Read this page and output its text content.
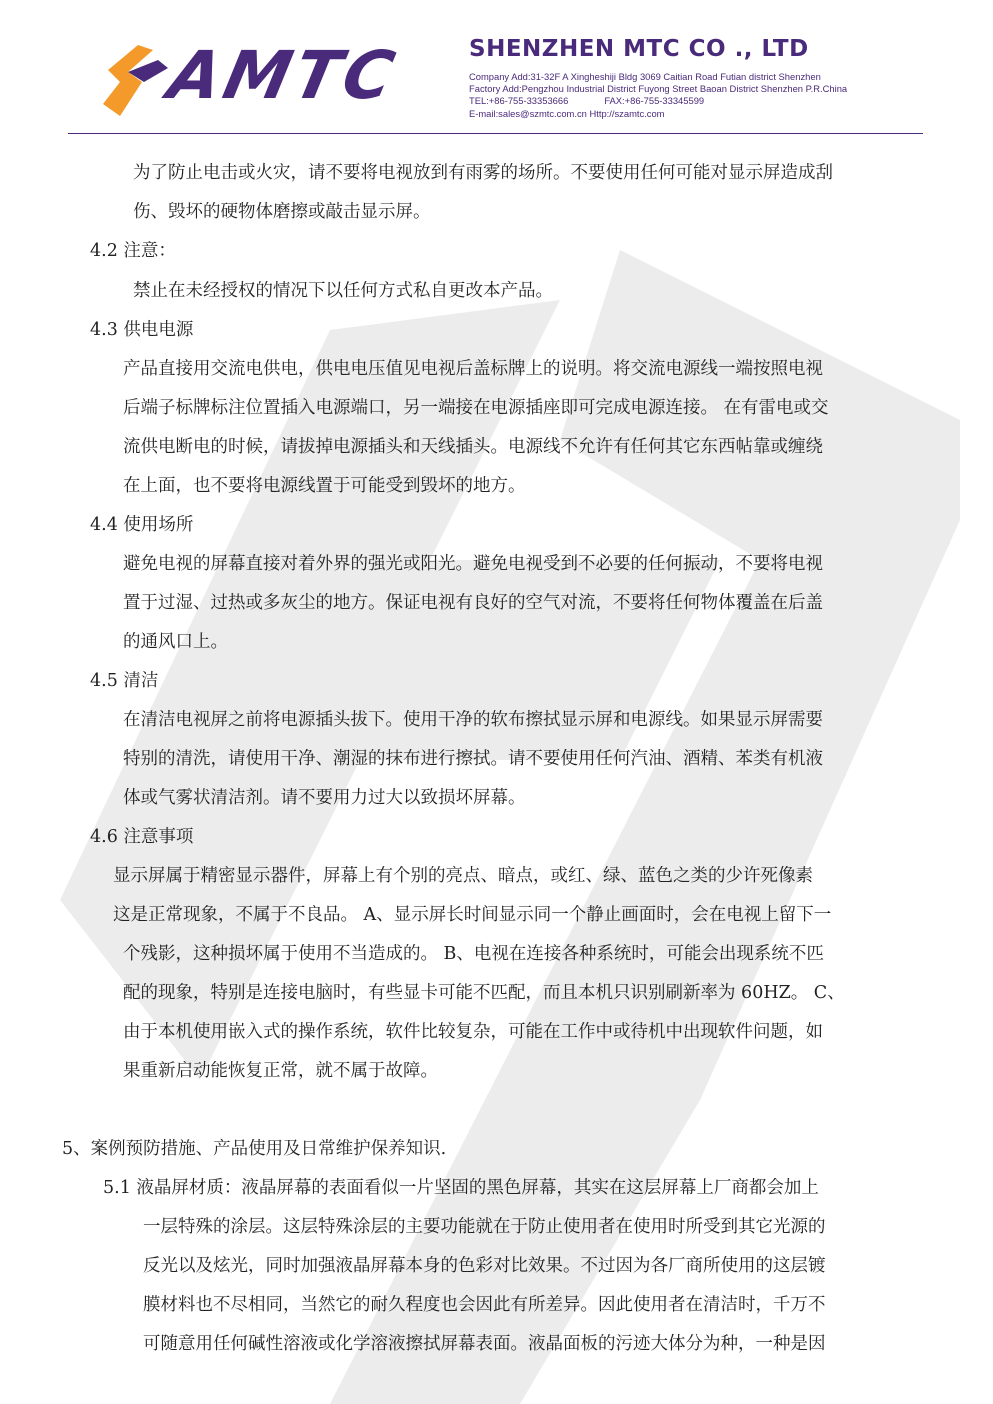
AMTC	SHENZHEN MTC CO ., LTD
Company Add:31-32F A Xingheshiji Bldg 3069 Caitian Road Futian district Shenzhen
Factory Add:Pengzhou Industrial District Fuyong Street Baoan District Shenzhen P.R.China
TEL:+86-755-33353666	FAX:+86-755-33345599
E-mail:sales@szmtc.com.cn Http://szamtc.com
为了防止电击或火灾，请不要将电视放到有雨雾的场所。不要使用任何可能对显示屏造成刮
伤、毁坏的硬物体磨擦或敲击显示屏。
4.2 注意：
禁止在未经授权的情况下以任何方式私自更改本产品。
4.3 供电电源
产品直接用交流电供电，供电电压值见电视后盖标牌上的说明。将交流电源线一端按照电视
后端子标牌标注位置插入电源端口，另一端接在电源插座即可完成电源连接。 在有雷电或交
流供电断电的时候，请拔掉电源插头和天线插头。电源线不允许有任何其它东西帖靠或缠绕
在上面，也不要将电源线置于可能受到毁坏的地方。
4.4 使用场所
避免电视的屏幕直接对着外界的强光或阳光。避免电视受到不必要的任何振动，不要将电视
置于过湿、过热或多灰尘的地方。保证电视有良好的空气对流，不要将任何物体覆盖在后盖
的通风口上。
4.5 清洁
在清洁电视屏之前将电源插头拔下。使用干净的软布擦拭显示屏和电源线。如果显示屏需要
特别的清洗，请使用干净、潮湿的抹布进行擦拭。请不要使用任何汽油、酒精、苯类有机液
体或气雾状清洁剂。请不要用力过大以致损坏屏幕。
4.6 注意事项
显示屏属于精密显示器件，屏幕上有个别的亮点、暗点，或红、绿、蓝色之类的少许死像素
这是正常现象，不属于不良品。 A、显示屏长时间显示同一个静止画面时，会在电视上留下一
个残影，这种损坏属于使用不当造成的。 B、电视在连接各种系统时，可能会出现系统不匹
配的现象，特别是连接电脑时，有些显卡可能不匹配，而且本机只识别刷新率为 60HZ。 C、
由于本机使用嵌入式的操作系统，软件比较复杂，可能在工作中或待机中出现软件问题，如
果重新启动能恢复正常，就不属于故障。
5、案例预防措施、产品使用及日常维护保养知识.
5.1 液晶屏材质：液晶屏幕的表面看似一片坚固的黑色屏幕，其实在这层屏幕上厂商都会加上
一层特殊的涂层。这层特殊涂层的主要功能就在于防止使用者在使用时所受到其它光源的
反光以及炫光，同时加强液晶屏幕本身的色彩对比效果。不过因为各厂商所使用的这层镀
膜材料也不尽相同，当然它的耐久程度也会因此有所差异。因此使用者在清洁时，千万不
可随意用任何碱性溶液或化学溶液擦拭屏幕表面。液晶面板的污迹大体分为种，一种是因
